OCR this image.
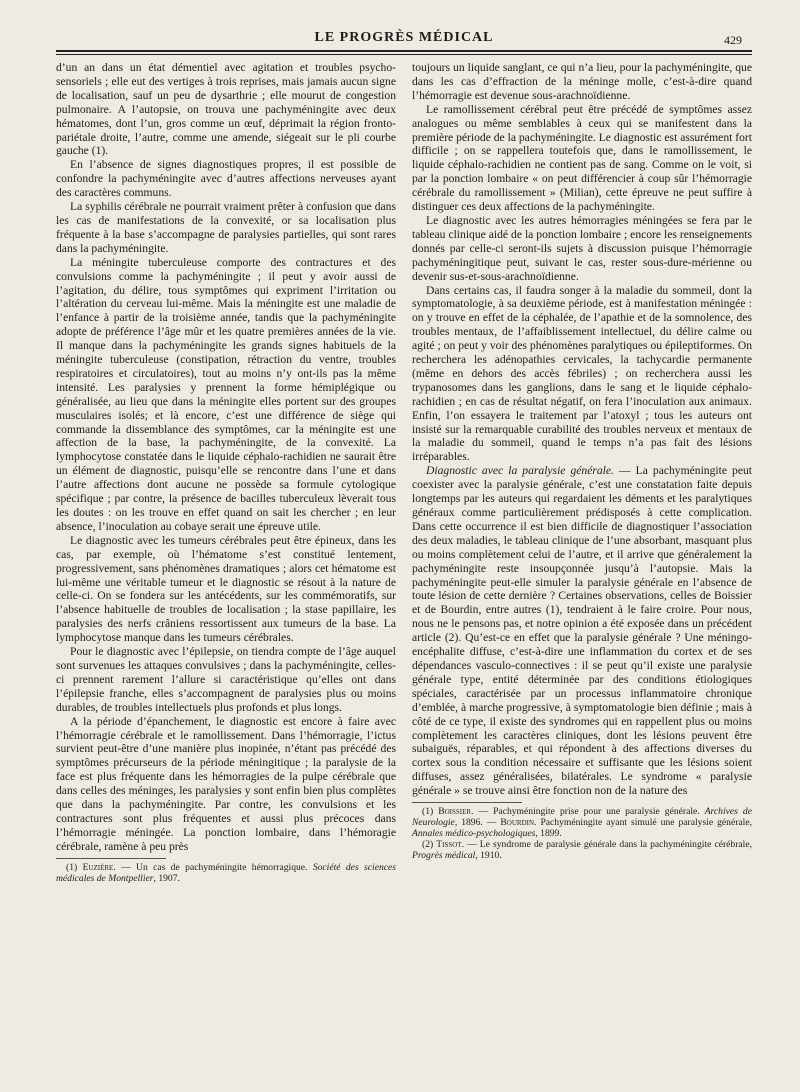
LE PROGRÈS MÉDICAL	429

d’un an dans un état démentiel avec agitation et troubles psycho-sensoriels ; elle eut des vertiges à trois reprises, mais jamais aucun signe de localisation, sauf un peu de dysarthrie ; elle mourut de congestion pulmonaire. A l’autopsie, on trouva une pachyméningite avec deux hématomes, dont l’un, gros comme un œuf, déprimait la région fronto-pariétale droite, l’autre, comme une amende, siégeait sur le pli courbe gauche (1).

En l’absence de signes diagnostiques propres, il est possible de confondre la pachyméningite avec d’autres affections nerveuses ayant des caractères communs.

La syphilis cérébrale ne pourrait vraiment prêter à confusion que dans les cas de manifestations de la convexité, or sa localisation plus fréquente à la base s’accompagne de paralysies partielles, qui sont rares dans la pachyméningite.

La méningite tuberculeuse comporte des contractures et des convulsions comme la pachyméningite ; il peut y avoir aussi de l’agitation, du délire, tous symptômes qui expriment l’irritation ou l’altération du cerveau lui-même. Mais la méningite est une maladie de l’enfance à partir de la troisième année, tandis que la pachyméningite adopte de préférence l’âge mûr et les quatre premières années de la vie. Il manque dans la pachyméningite les grands signes habituels de la méningite tuberculeuse (constipation, rétraction du ventre, troubles respiratoires et circulatoires), tout au moins n’y ont-ils pas la même intensité. Les paralysies y prennent la forme hémiplégique ou généralisée, au lieu que dans la méningite elles portent sur des groupes musculaires isolés; et là encore, c’est une différence de siège qui commande la dissemblance des symptômes, car la méningite est une affection de la base, la pachyméningite, de la convexité. La lymphocytose constatée dans le liquide céphalo-rachidien ne saurait être un élément de diagnostic, puisqu’elle se rencontre dans l’une et dans l’autre affections dont aucune ne possède sa formule cytologique spécifique ; par contre, la présence de bacilles tuberculeux lèverait tous les doutes : on les trouve en effet quand on sait les chercher ; en leur absence, l’inoculation au cobaye serait une épreuve utile.

Le diagnostic avec les tumeurs cérébrales peut être épineux, dans les cas, par exemple, où l’hématome s’est constitué lentement, progressivement, sans phénomènes dramatiques ; alors cet hématome est lui-même une véritable tumeur et le diagnostic se résout à la nature de celle-ci. On se fondera sur les antécédents, sur les commémoratifs, sur l’absence habituelle de troubles de localisation ; la stase papillaire, les paralysies des nerfs crâniens ressortissent aux tumeurs de la base. La lymphocytose manque dans les tumeurs cérébrales.

Pour le diagnostic avec l’épilepsie, on tiendra compte de l’âge auquel sont survenues les attaques convulsives ; dans la pachyméningite, celles-ci prennent rarement l’allure si caractéristique qu’elles ont dans l’épilepsie franche, elles s’accompagnent de paralysies plus ou moins durables, de troubles intellectuels plus profonds et plus longs.

A la période d’épanchement, le diagnostic est encore à faire avec l’hémorragie cérébrale et le ramollissement. Dans l’hémorragie, l’ictus survient peut-être d’une manière plus inopinée, n’étant pas précédé des symptômes précurseurs de la période méningitique ; la paralysie de la face est plus fréquente dans les hémorragies de la pulpe cérébrale que dans celles des méninges, les paralysies y sont enfin bien plus complètes que dans la pachyméningite. Par contre, les convulsions et les contractures sont plus fréquentes et aussi plus précoces dans l’hémorragie méningée. La ponction lombaire, dans l’hémoragie cérébrale, ramène à peu près

(1) Euzière. — Un cas de pachyméningite hémorragique. Société des sciences médicales de Montpellier, 1907.

toujours un liquide sanglant, ce qui n’a lieu, pour la pachyméningite, que dans les cas d’effraction de la méninge molle, c’est-à-dire quand l’hémorragie est devenue sous-arachnoïdienne.

Le ramollissement cérébral peut être précédé de symptômes assez analogues ou même semblables à ceux qui se manifestent dans la première période de la pachyméningite. Le diagnostic est assurément fort difficile ; on se rappellera toutefois que, dans le ramollissement, le liquide céphalo-rachidien ne contient pas de sang. Comme on le voit, si par la ponction lombaire « on peut différencier à coup sûr l’hémorragie cérébrale du ramollissement » (Milian), cette épreuve ne peut suffire à distinguer ces deux affections de la pachyméningite.

Le diagnostic avec les autres hémorragies méningées se fera par le tableau clinique aidé de la ponction lombaire ; encore les renseignements donnés par celle-ci seront-ils sujets à discussion puisque l’hémorragie pachyméningitique peut, suivant le cas, rester sous-dure-mérienne ou devenir sus-et-sous-arachnoïdienne.

Dans certains cas, il faudra songer à la maladie du sommeil, dont la symptomatologie, à sa deuxième période, est à manifestation méningée : on y trouve en effet de la céphalée, de l’apathie et de la somnolence, des troubles mentaux, de l’affaiblissement intellectuel, du délire calme ou agité ; on peut y voir des phénomènes paralytiques ou épileptiformes. On recherchera les adénopathies cervicales, la tachycardie permanente (même en dehors des accès fébriles) ; on recherchera aussi les trypanosomes dans les ganglions, dans le sang et le liquide céphalo-rachidien ; en cas de résultat négatif, on fera l’inoculation aux animaux. Enfin, l’on essayera le traitement par l’atoxyl ; tous les auteurs ont insisté sur la remarquable curabilité des troubles nerveux et mentaux de la maladie du sommeil, quand le temps n’a pas fait des lésions irréparables.

Diagnostic avec la paralysie générale. — La pachyméningite peut coexister avec la paralysie générale, c’est une constatation faite depuis longtemps par les auteurs qui regardaient les déments et les paralytiques généraux comme particulièrement prédisposés à cette complication. Dans cette occurrence il est bien difficile de diagnostiquer l’association des deux maladies, le tableau clinique de l’une absorbant, masquant plus ou moins complètement celui de l’autre, et il arrive que généralement la pachyméningite reste insoupçonnée jusqu’à l’autopsie. Mais la pachyméningite peut-elle simuler la paralysie générale en l’absence de toute lésion de cette dernière ? Certaines observations, celles de Boissier et de Bourdin, entre autres (1), tendraient à le faire croire. Pour nous, nous ne le pensons pas, et notre opinion a été exposée dans un précédent article (2). Qu’est-ce en effet que la paralysie générale ? Une méningo-encéphalite diffuse, c’est-à-dire une inflammation du cortex et de ses dépendances vasculo-connectives : il se peut qu’il existe une paralysie générale type, entité déterminée par des conditions étiologiques spéciales, caractérisée par un processus inflammatoire chronique d’emblée, à marche progressive, à symptomatologie bien définie ; mais à côté de ce type, il existe des syndromes qui en rappellent plus ou moins complètement les caractères cliniques, dont les lésions peuvent être subaiguës, réparables, et qui répondent à des affections diverses du cortex sous la condition nécessaire et suffisante que les lésions soient diffuses, assez généralisées, bilatérales. Le syndrome « paralysie générale » se trouve ainsi être fonction non de la nature des

(1) Boissier. — Pachyméningite prise pour une paralysie générale. Archives de Neurologie, 1896. — Bourdin. Pachyméningite ayant simulé une paralysie générale, Annales médico-psychologiques, 1899.

(2) Tissot. — Le syndrome de paralysie générale dans la pachyméningite cérébrale, Progrès médical, 1910.
